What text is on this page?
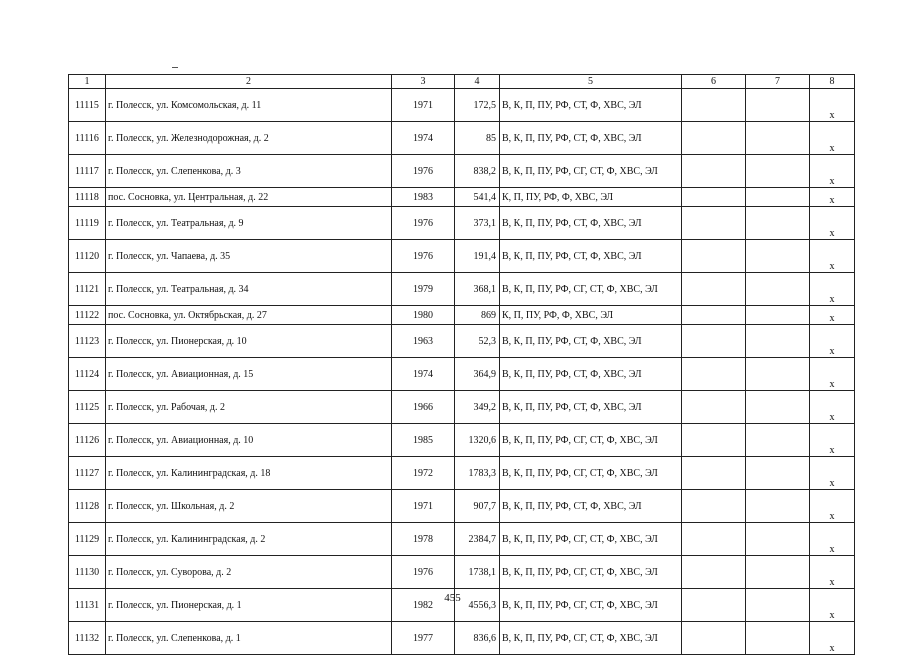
1	2	3	4	5	6	7	8
11115	г. Полесск, ул. Комсомольская, д. 11	1971	172,5	В, К, П, ПУ, РФ, СТ, Ф, ХВС, ЭЛ			х
11116	г. Полесск, ул. Железнодорожная, д. 2	1974	85	В, К, П, ПУ, РФ, СТ, Ф, ХВС, ЭЛ			х
11117	г. Полесск, ул. Слепенкова, д. 3	1976	838,2	В, К, П, ПУ, РФ, СГ, СТ, Ф, ХВС, ЭЛ			х
11118	пос. Сосновка, ул. Центральная, д. 22	1983	541,4	К, П, ПУ, РФ, Ф, ХВС, ЭЛ			х
11119	г. Полесск, ул. Театральная, д. 9	1976	373,1	В, К, П, ПУ, РФ, СТ, Ф, ХВС, ЭЛ			х
11120	г. Полесск, ул. Чапаева, д. 35	1976	191,4	В, К, П, ПУ, РФ, СТ, Ф, ХВС, ЭЛ			х
11121	г. Полесск, ул. Театральная, д. 34	1979	368,1	В, К, П, ПУ, РФ, СГ, СТ, Ф, ХВС, ЭЛ			х
11122	пос. Сосновка, ул. Октябрьская, д. 27	1980	869	К, П, ПУ, РФ, Ф, ХВС, ЭЛ			х
11123	г. Полесск, ул. Пионерская, д. 10	1963	52,3	В, К, П, ПУ, РФ, СТ, Ф, ХВС, ЭЛ			х
11124	г. Полесск, ул. Авиационная, д. 15	1974	364,9	В, К, П, ПУ, РФ, СТ, Ф, ХВС, ЭЛ			х
11125	г. Полесск, ул. Рабочая, д. 2	1966	349,2	В, К, П, ПУ, РФ, СТ, Ф, ХВС, ЭЛ			х
11126	г. Полесск, ул. Авиационная, д. 10	1985	1320,6	В, К, П, ПУ, РФ, СГ, СТ, Ф, ХВС, ЭЛ			х
11127	г. Полесск, ул. Калининградская, д. 18	1972	1783,3	В, К, П, ПУ, РФ, СГ, СТ, Ф, ХВС, ЭЛ			х
11128	г. Полесск, ул. Школьная, д. 2	1971	907,7	В, К, П, ПУ, РФ, СТ, Ф, ХВС, ЭЛ			х
11129	г. Полесск, ул. Калининградская, д. 2	1978	2384,7	В, К, П, ПУ, РФ, СГ, СТ, Ф, ХВС, ЭЛ			х
11130	г. Полесск, ул. Суворова, д. 2	1976	1738,1	В, К, П, ПУ, РФ, СГ, СТ, Ф, ХВС, ЭЛ			х
11131	г. Полесск, ул. Пионерская, д. 1	1982	4556,3	В, К, П, ПУ, РФ, СГ, СТ, Ф, ХВС, ЭЛ			х
11132	г. Полесск, ул. Слепенкова, д. 1	1977	836,6	В, К, П, ПУ, РФ, СГ, СТ, Ф, ХВС, ЭЛ			х
455
